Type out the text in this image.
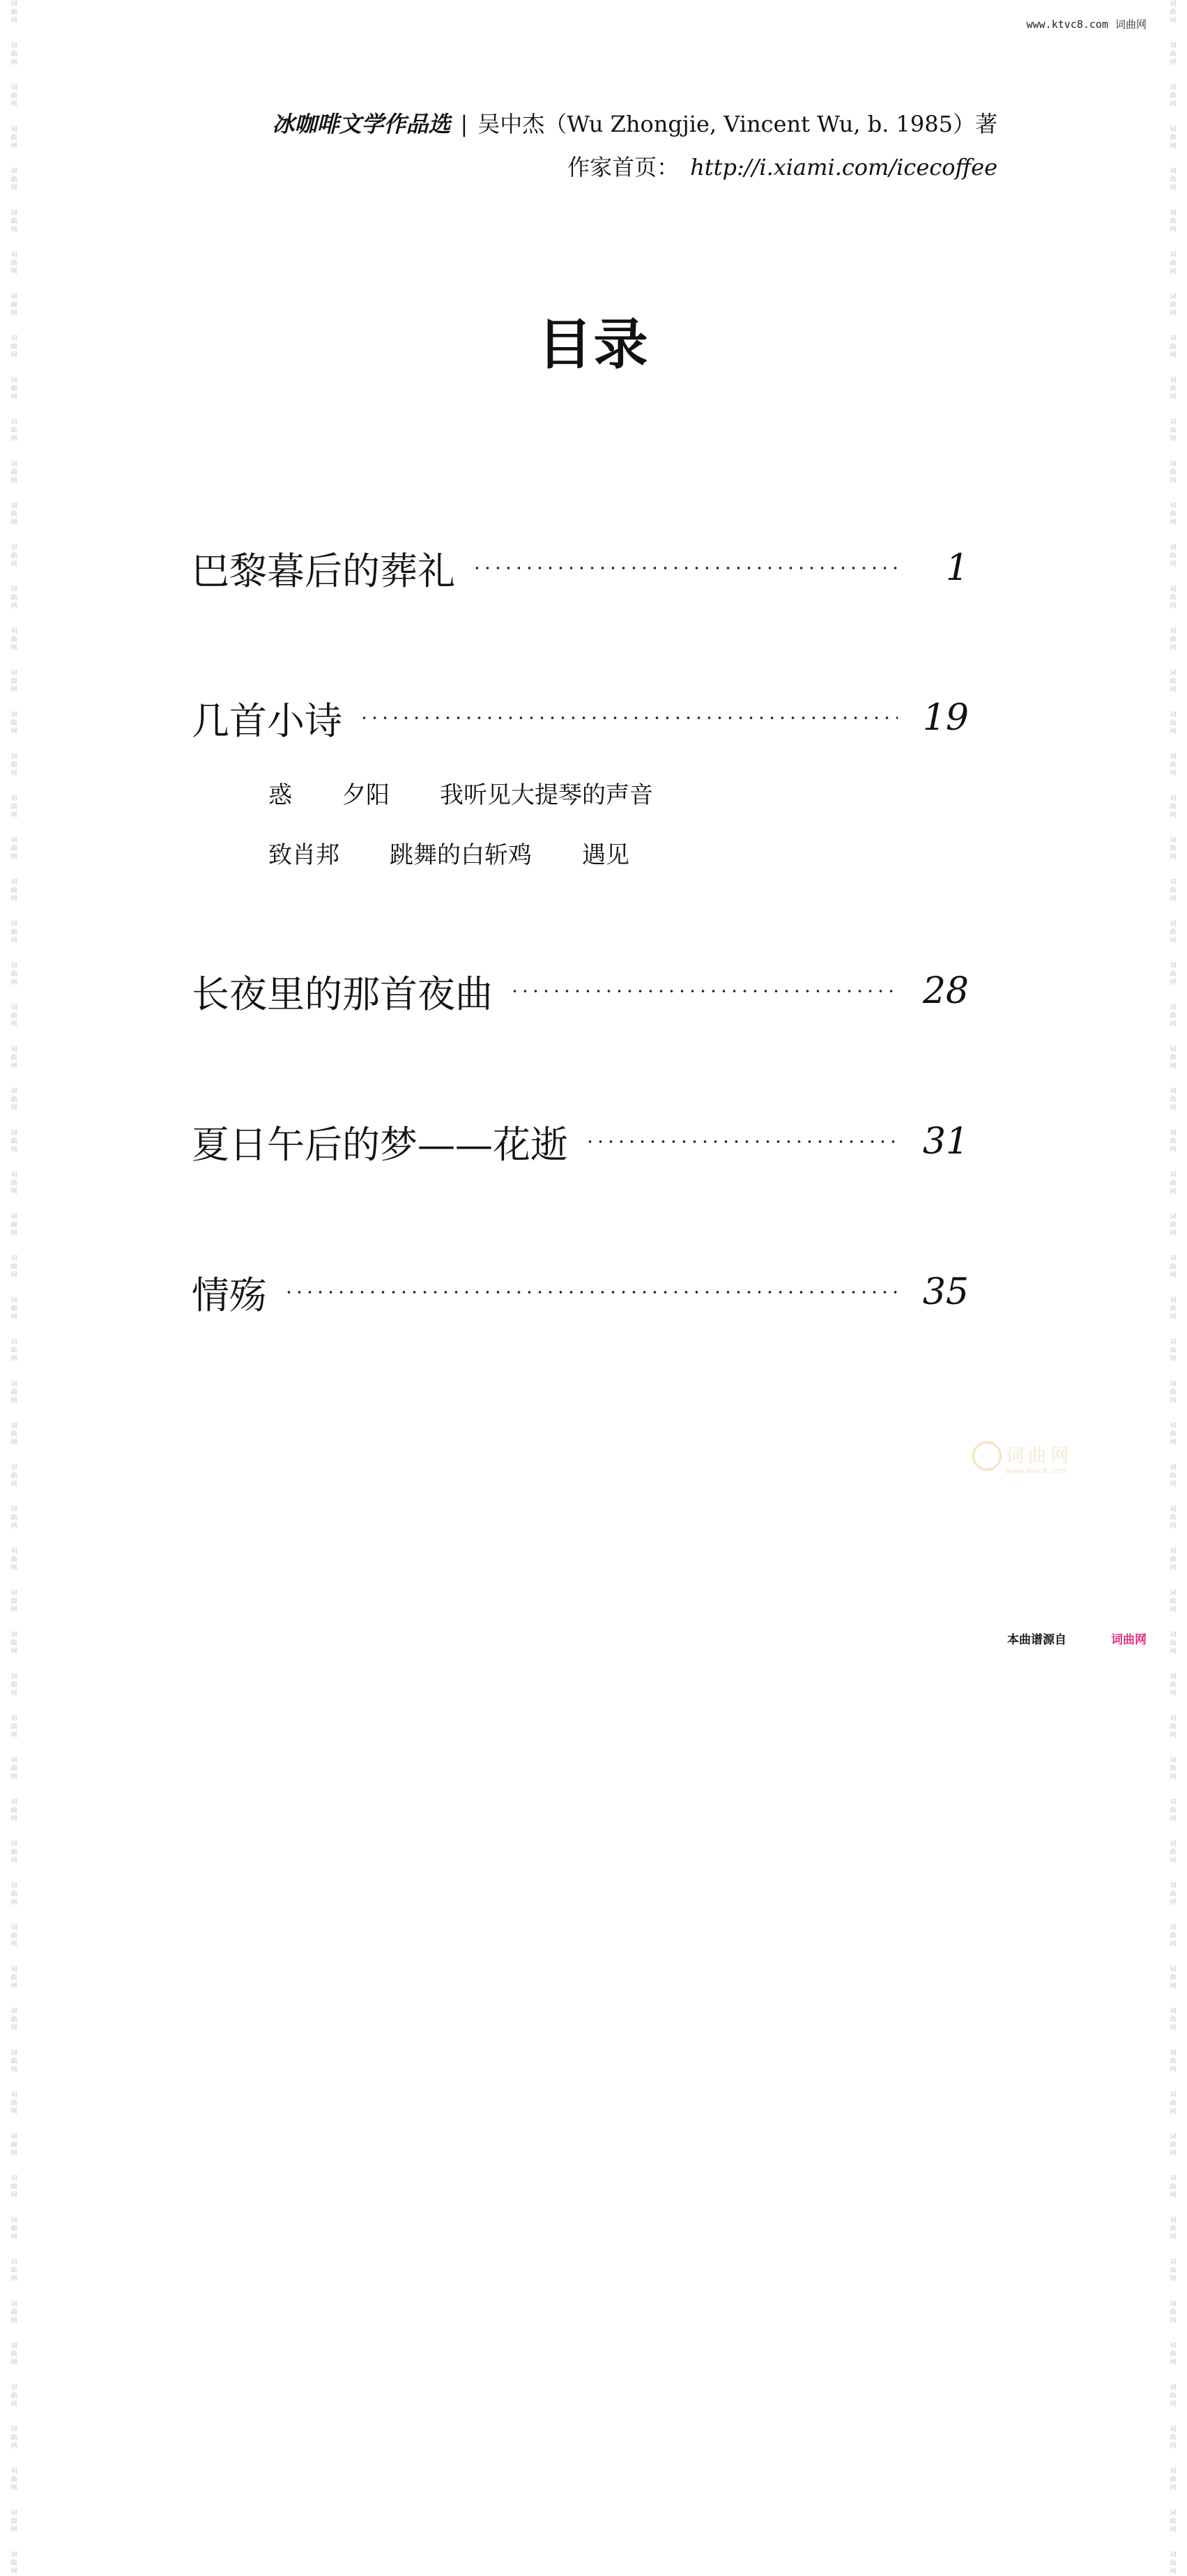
词
曲
网
词
曲
网
词
曲
网
词
曲
网
词
曲
网
词
曲
网
词
曲
网
词
曲
网
词
曲
网
词
曲
网
词
曲
网
词
曲
网
词
曲
网
词
曲
网
词
曲
网
词
曲
网
词
曲
网
词
曲
网
词
曲
网
词
曲
网
词
曲
网
词
曲
网
词
曲
网
词
曲
网
词
曲
网
词
曲
网
词
曲
网
词
曲
网
词
曲
网
词
曲
网
词
曲
网
词
曲
网
词
曲
网
词
曲
网
词
曲
网
词
曲
网
词
曲
网
词
曲
网
词
曲
网
词
曲
网
词
曲
网
词
曲
网
词
曲
网
词
曲
网
词
曲
网
词
曲
网
词
曲
网
词
曲
网
词
曲
网
词
曲
网
词
曲
网
词
曲
网
词
曲
网
词
曲
网
词
曲
网
词
曲
网
词
曲
网
词
曲
网
词
曲
网
词
曲
网
词
曲
网
词
曲
网
词
曲
网
词
曲
网
词
曲
网
词
曲
网
词
曲
网
词
曲
网
词
曲
网
词
曲
网
词
曲
网
词
曲
网
词
曲
网
词
曲
网
词
曲
网
词
曲
网
词
曲
网
词
曲
网
词
曲
网
词
曲
网
词
曲
网
词
曲
网
词
曲
网
词
曲
网
词
曲
网
词
曲
网
词
曲
网
词
曲
网
词
曲
网
词
曲
网
词
曲
网
词
曲
网
词
曲
网
词
曲
网
词
曲
网
词
曲
网
词
曲
网
词
曲
网
词
曲
网
词
曲
网
词
曲
网
词
曲
网
词
曲
网
词
曲
网
词
曲
网
词
曲
网
词
曲
网
词
曲
网
词
曲
网
词
曲
网
词
曲
网
词
曲
网
词
曲
网
词
曲
网
词
曲
网
词
曲
网
词
曲
网
词
曲
网
词
曲
网
词
曲
网
词
曲
网
词
曲
网
词
曲
网
词
曲
网
www.ktvc8.com 词曲网
冰咖啡文学作品选 | 吴中杰（Wu Zhongjie, Vincent Wu, b. 1985）著
作家首页： http://i.xiami.com/icecoffee
目录
巴黎暮后的葬礼	1
几首小诗	19
惑 夕阳 我听见大提琴的声音
致肖邦 跳舞的白斩鸡 遇见
长夜里的那首夜曲	28
夏日午后的梦——花逝	31
情殇	35
词曲网
www.ktvc8.com
本曲谱源自	词曲网
